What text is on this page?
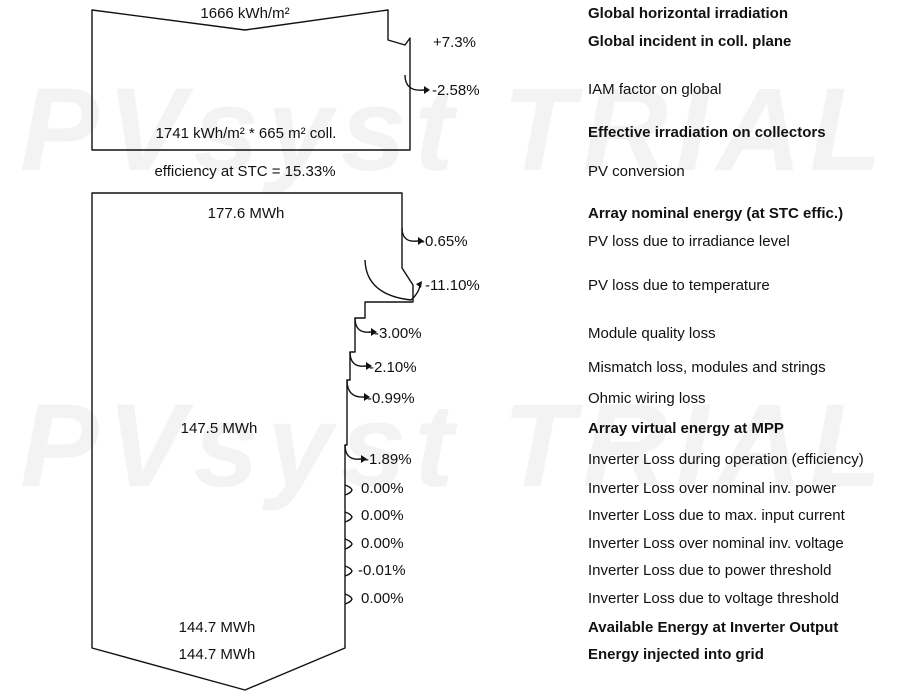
1666 kWh/m²
1741 kWh/m² * 665 m² coll.
efficiency at STC = 15.33%
177.6 MWh
147.5 MWh
144.7 MWh
144.7 MWh
+7.3%
-2.58%
-0.65%
-11.10%
-3.00%
-2.10%
-0.99%
-1.89%
0.00%
0.00%
0.00%
-0.01%
0.00%
Global horizontal irradiation
Global incident in coll. plane
IAM factor on global
Effective irradiation on collectors
PV conversion
Array nominal energy (at STC effic.)
PV loss due to irradiance level
PV loss due to temperature
Module quality loss
Mismatch loss, modules and strings
Ohmic wiring loss
Array virtual energy at MPP
Inverter Loss during operation (efficiency)
Inverter Loss over nominal inv. power
Inverter Loss due to max. input current
Inverter Loss over nominal inv. voltage
Inverter Loss due to power threshold
Inverter Loss due to voltage threshold
Available Energy at Inverter Output
Energy injected into grid
